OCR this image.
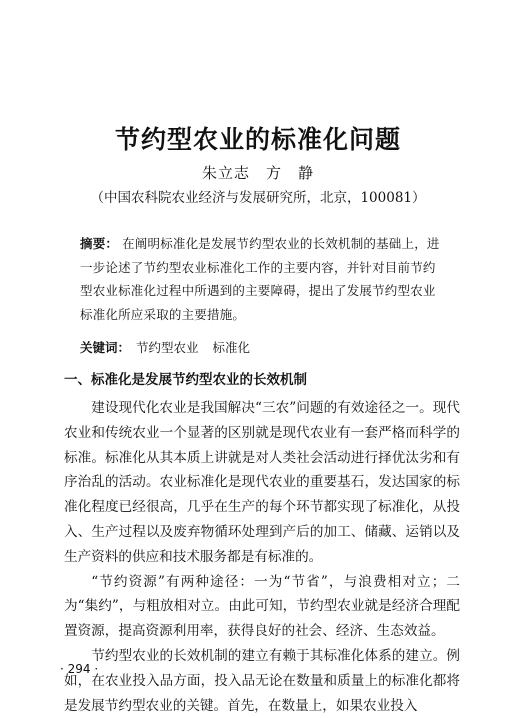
节约型农业的标准化问题
朱立志　方　静
（中国农科院农业经济与发展研究所，北京，100081）

摘要： 在阐明标准化是发展节约型农业的长效机制的基础上，进一步论述了节约型农业标准化工作的主要内容，并针对目前节约型农业标准化过程中所遇到的主要障碍，提出了发展节约型农业标准化所应采取的主要措施。

关键词： 节约型农业 标准化
一、标准化是发展节约型农业的长效机制

建设现代化农业是我国解决“三农”问题的有效途径之一。现代农业和传统农业一个显著的区别就是现代农业有一套严格而科学的标准。标准化从其本质上讲就是对人类社会活动进行择优汰劣和有序治乱的活动。农业标准化是现代农业的重要基石，发达国家的标准化程度已经很高，几乎在生产的每个环节都实现了标准化，从投入、生产过程以及废弃物循环处理到产后的加工、储藏、运销以及生产资料的供应和技术服务都是有标准的。

“节约资源”有两种途径：一为“节省”，与浪费相对立；二为“集约”，与粗放相对立。由此可知，节约型农业就是经济合理配置资源，提高资源利用率，获得良好的社会、经济、生态效益。

节约型农业的长效机制的建立有赖于其标准化体系的建立。例如，在农业投入品方面，投入品无论在数量和质量上的标准化都将是发展节约型农业的关键。首先，在数量上，如果农业投入

· 294 ·
